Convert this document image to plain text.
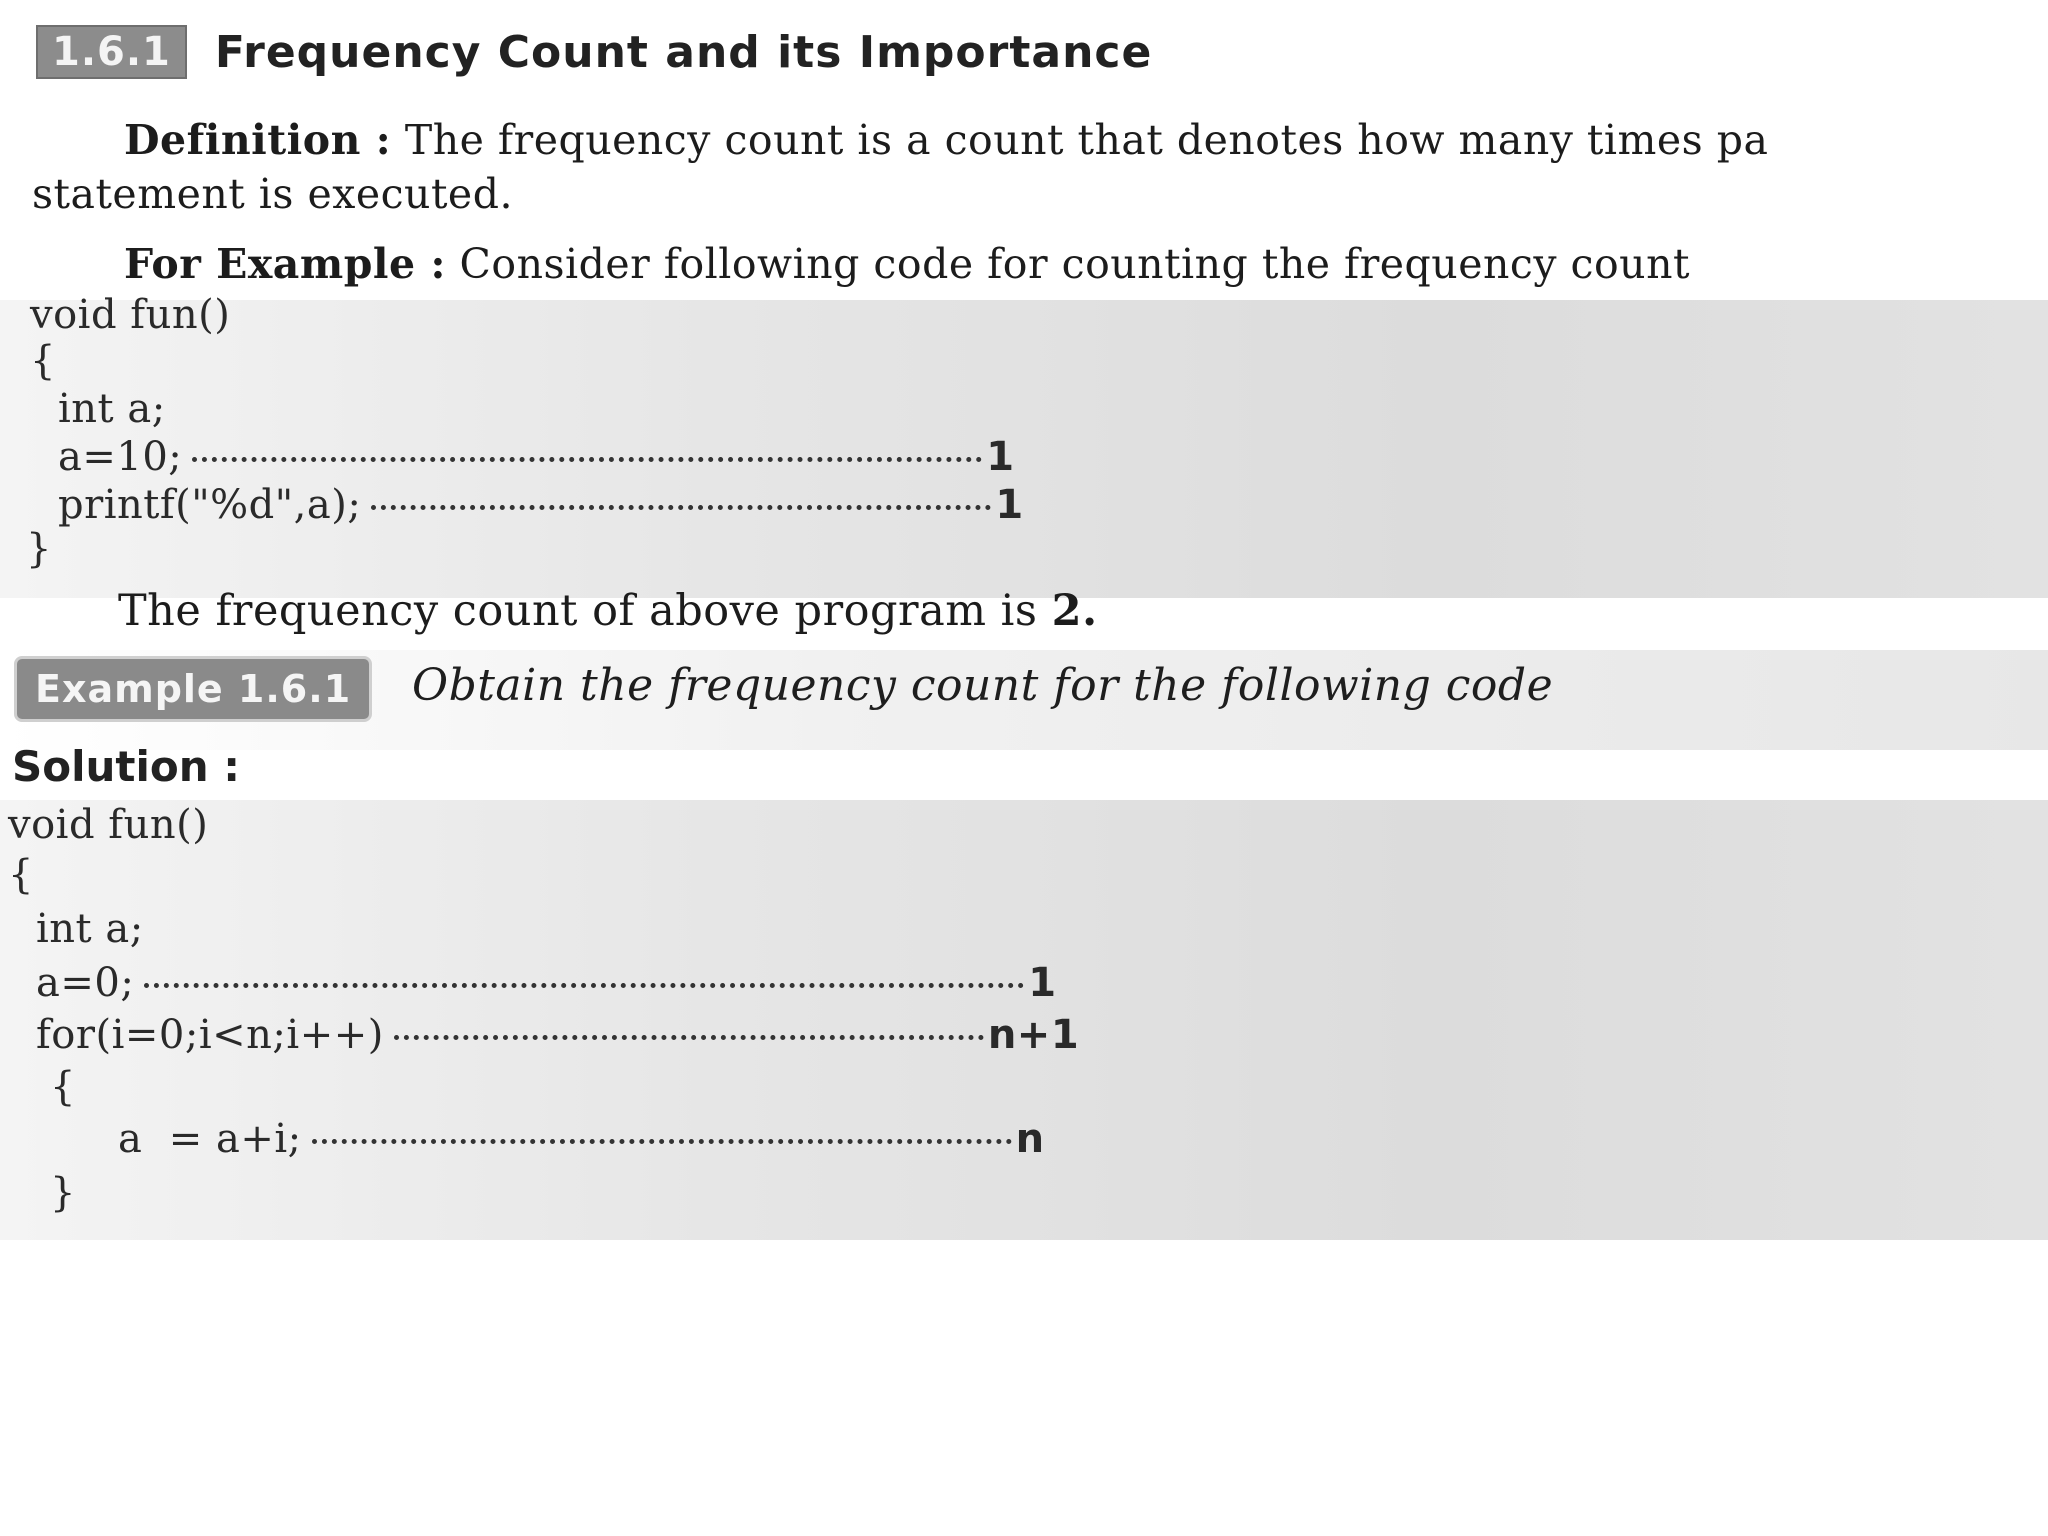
1.6.1	Frequency Count and its Importance
Definition : The frequency count is a count that denotes how many times pa
statement is executed.
For Example : Consider following code for counting the frequency count
void fun()
{
int a;
a=10;	1
printf("%d",a);	1
}
The frequency count of above program is 2.
Example 1.6.1	Obtain the frequency count for the following code
Solution :
void fun()
{
int a;
a=0;	1
for(i=0;i<n;i++)	n+1
{
a  = a+i;	n
}
